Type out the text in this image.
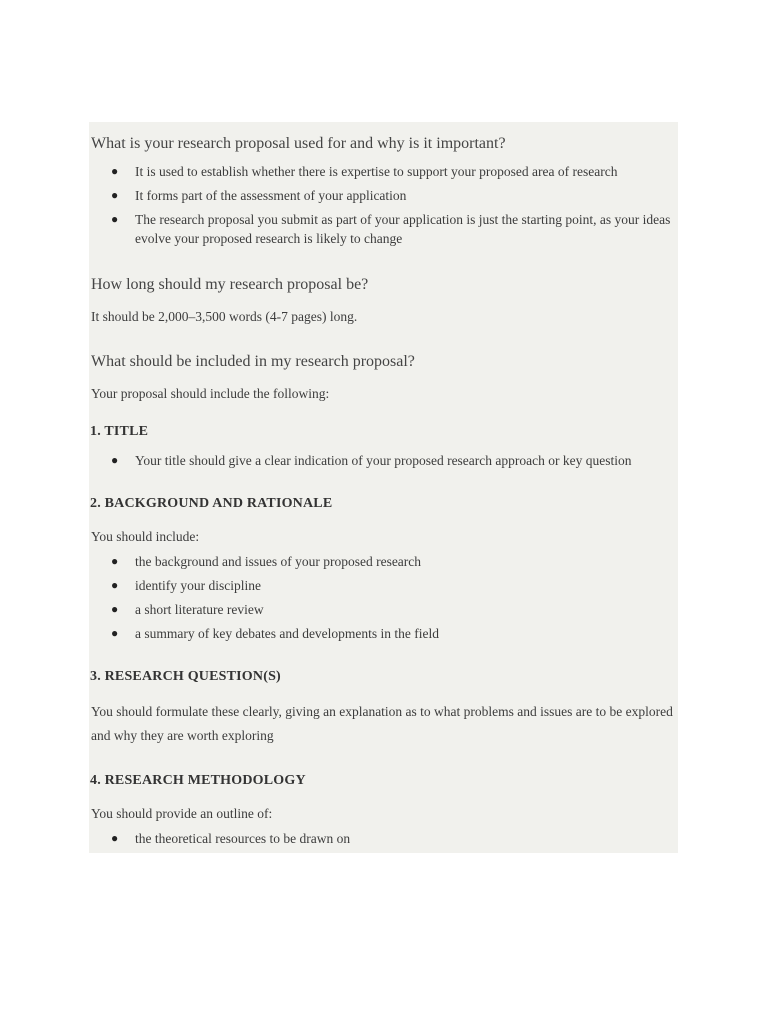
What is your research proposal used for and why is it important?
● It is used to establish whether there is expertise to support your proposed area of research
● It forms part of the assessment of your application
● The research proposal you submit as part of your application is just the starting point, as your ideas evolve your proposed research is likely to change
How long should my research proposal be?

It should be 2,000–3,500 words (4-7 pages) long.

What should be included in my research proposal?

Your proposal should include the following:

1. TITLE
● Your title should give a clear indication of your proposed research approach or key question
2. BACKGROUND AND RATIONALE

You should include:

● the background and issues of your proposed research
● identify your discipline
● a short literature review
● a summary of key debates and developments in the field
3. RESEARCH QUESTION(S)

You should formulate these clearly, giving an explanation as to what problems and issues are to be explored and why they are worth exploring

4. RESEARCH METHODOLOGY

You should provide an outline of:

● the theoretical resources to be drawn on
